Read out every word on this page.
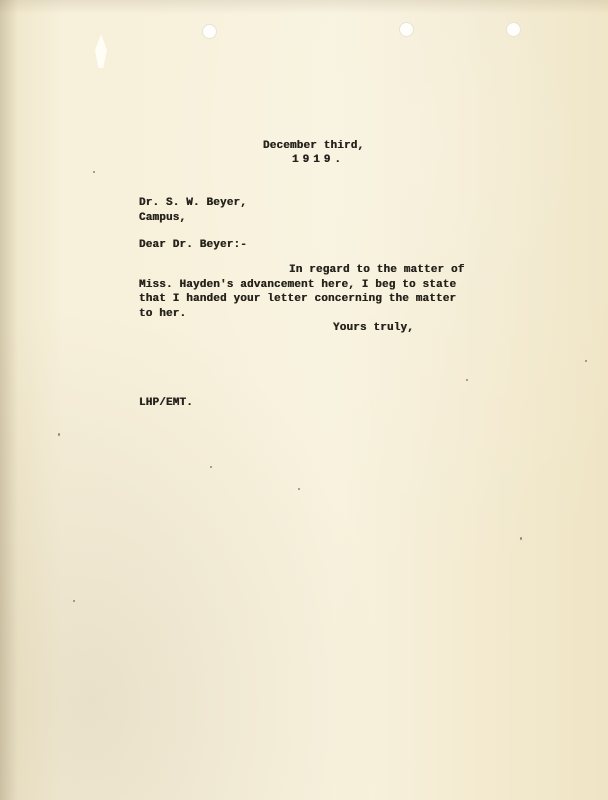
December third,

1919.

Dr. S. W. Beyer,

Campus,

Dear Dr. Beyer:-

In regard to the matter of

Miss. Hayden's advancement here, I beg to state

that I handed your letter concerning the matter

to her.

Yours truly,

LHP/EMT.
